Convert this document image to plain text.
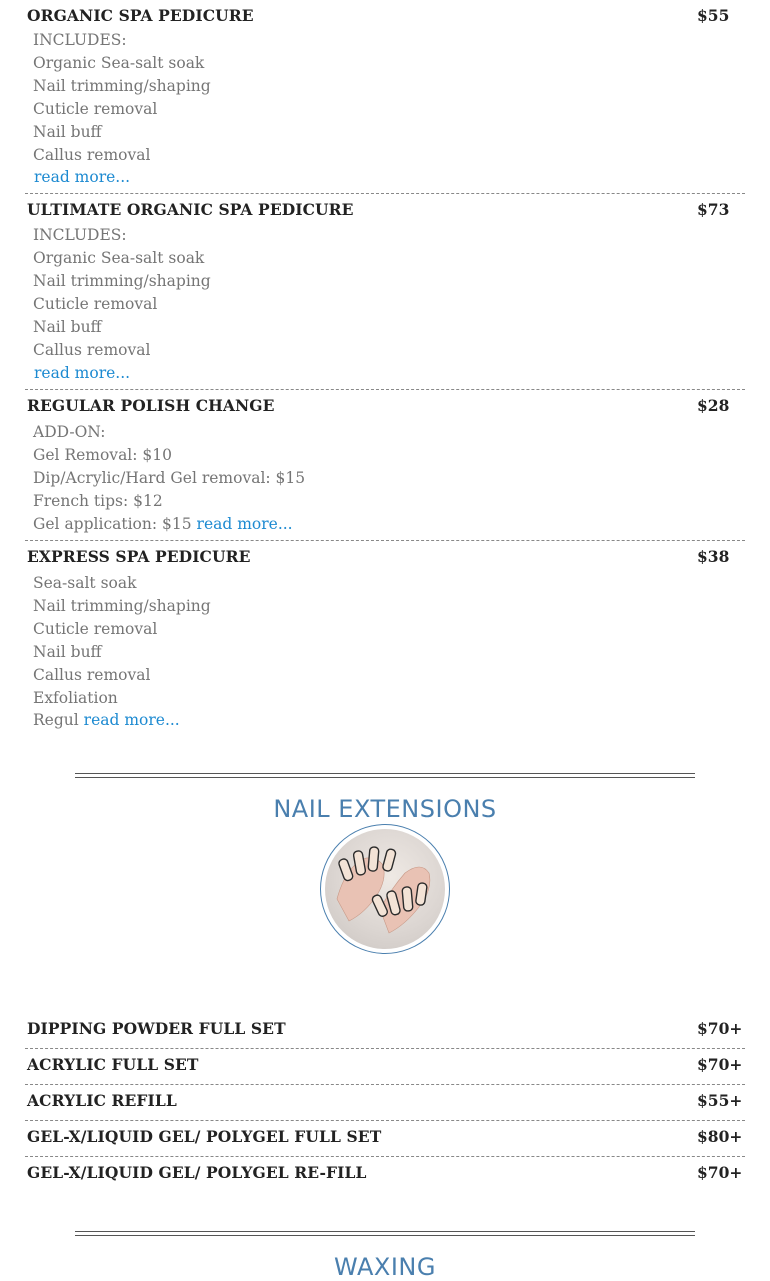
ORGANIC SPA PEDICURE	$55
INCLUDES:
Organic Sea-salt soak
Nail trimming/shaping
Cuticle removal
Nail buff
Callus removal
read more...
ULTIMATE ORGANIC SPA PEDICURE	$73
INCLUDES:
Organic Sea-salt soak
Nail trimming/shaping
Cuticle removal
Nail buff
Callus removal
read more...
REGULAR POLISH CHANGE	$28
ADD-ON:
Gel Removal: $10
Dip/Acrylic/Hard Gel removal: $15
French tips: $12
Gel application: $15 read more...
EXPRESS SPA PEDICURE	$38
Sea-salt soak
Nail trimming/shaping
Cuticle removal
Nail buff
Callus removal
Exfoliation
Regul read more...
NAIL EXTENSIONS
DIPPING POWDER FULL SET	$70+
ACRYLIC FULL SET	$70+
ACRYLIC REFILL	$55+
GEL-X/LIQUID GEL/ POLYGEL FULL SET	$80+
GEL-X/LIQUID GEL/ POLYGEL RE-FILL	$70+
WAXING
